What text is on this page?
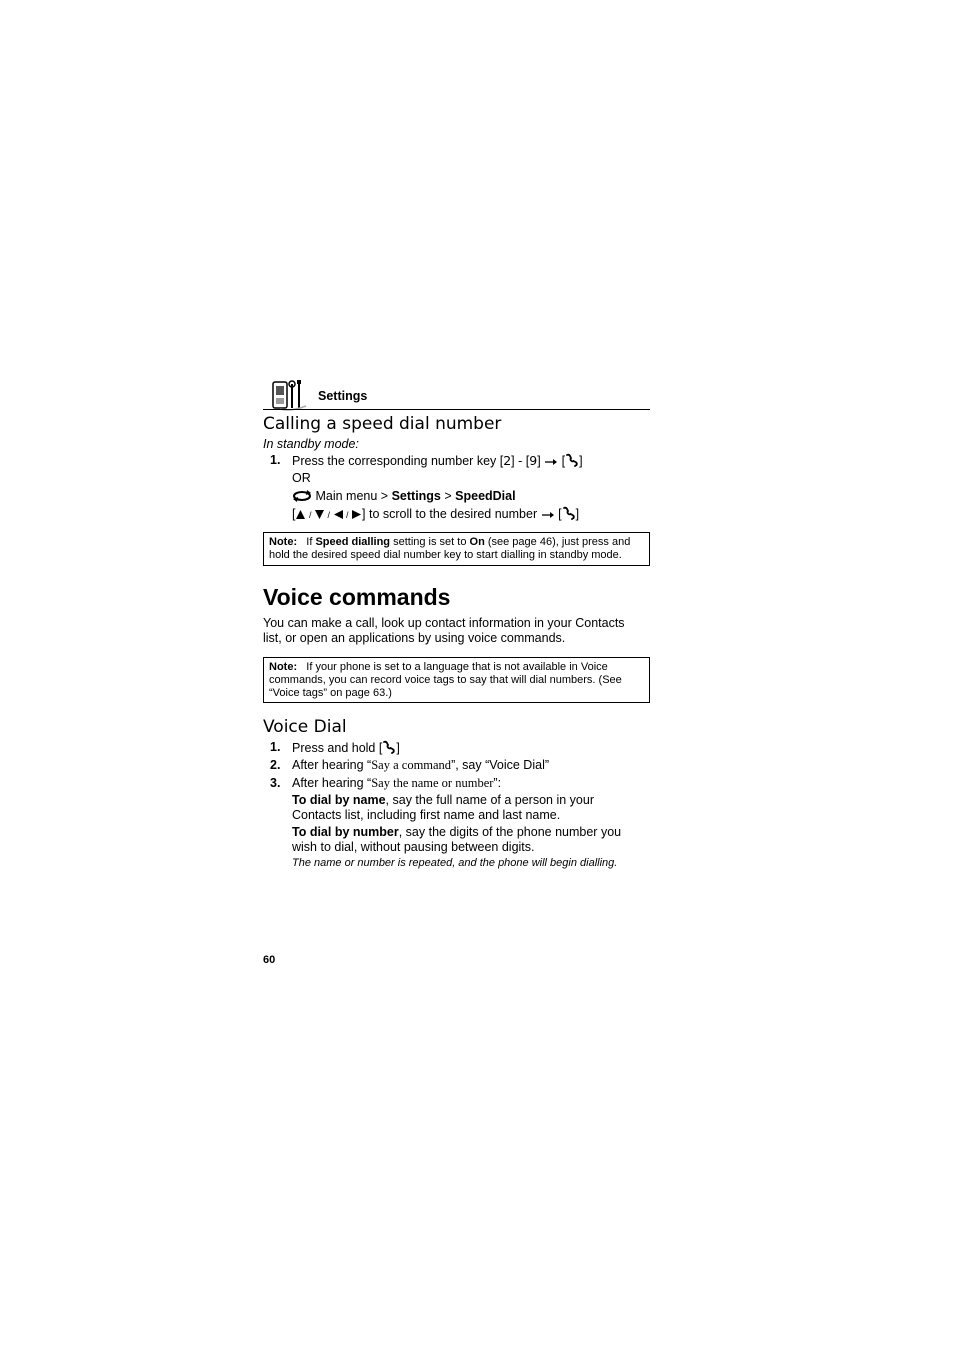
Settings
Calling a speed dial number
In standby mode:
1. Press the corresponding number key [2] - [9] [ ]
OR
Main menu > Settings > SpeedDial
[ /  /  / ] to scroll to the desired number [ ]
Note: If Speed dialling setting is set to On (see page 46), just press and
hold the desired speed dial number key to start dialling in standby mode.
Voice commands
You can make a call, look up contact information in your Contacts
list, or open an applications by using voice commands.
Note: If your phone is set to a language that is not available in Voice
commands, you can record voice tags to say that will dial numbers. (See
“Voice tags” on page 63.)
Voice Dial
1. Press and hold [ ]
2. After hearing “Say a command”, say “Voice Dial”
3. After hearing “Say the name or number”:
To dial by name, say the full name of a person in your
Contacts list, including first name and last name.
To dial by number, say the digits of the phone number you
wish to dial, without pausing between digits.
The name or number is repeated, and the phone will begin dialling.
60
